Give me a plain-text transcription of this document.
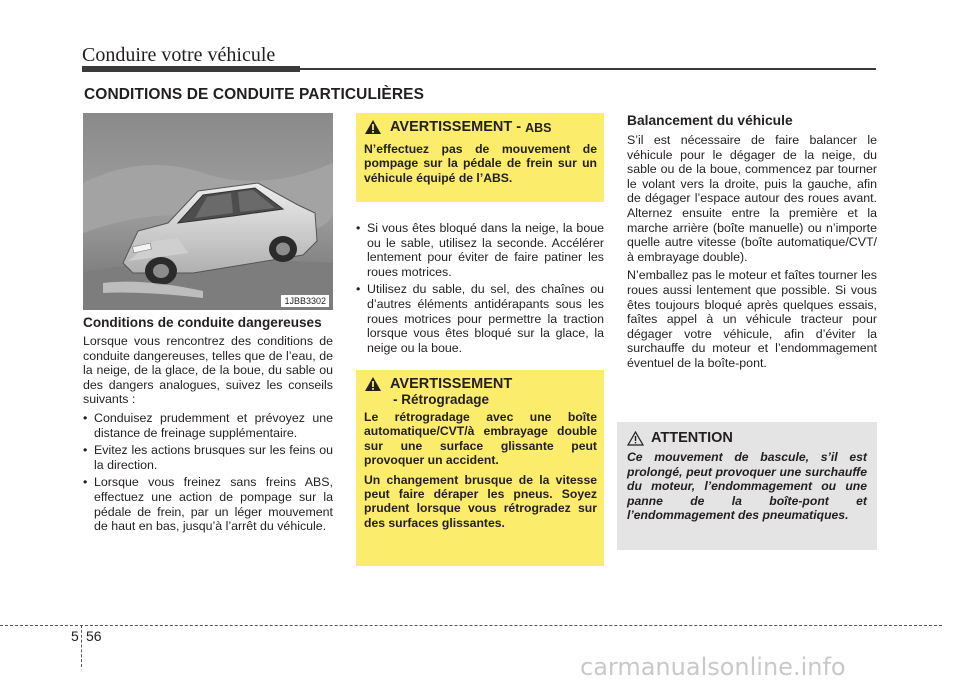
Conduire votre véhicule
CONDITIONS DE CONDUITE PARTICULIÈRES
1JBB3302

Conditions de conduite dangereuses

Lorsque vous rencontrez des conditions de conduite dangereuses, telles que de l’eau, de la neige, de la glace, de la boue, du sable ou des dangers analogues, suivez les conseils suivants :

• Conduisez prudemment et prévoyez une distance de freinage supplémentaire.
• Evitez les actions brusques sur les feins ou la direction.
• Lorsque vous freinez sans freins ABS, effectuez une action de pompage sur la pédale de frein, par un léger mouvement de haut en bas, jusqu’à l’arrêt du véhicule.
AVERTISSEMENT -
ABS
N’effectuez pas de mouvement de pompage sur la pédale de frein sur un véhicule équipé de l’ABS.
• Si vous êtes bloqué dans la neige, la boue ou le sable, utilisez la seconde. Accélérer lentement pour éviter de faire patiner les roues motrices.
• Utilisez du sable, du sel, des chaînes ou d’autres éléments antidérapants sous les roues motrices pour permettre la traction lorsque vous êtes bloqué sur la glace, la neige ou la boue.
AVERTISSEMENT
- Rétrogradage

Le rétrogradage avec une boîte automatique/CVT/à embrayage double sur une surface glissante peut provoquer un accident.

Un changement brusque de la vitesse peut faire déraper les pneus. Soyez prudent lorsque vous rétrogradez sur des surfaces glissantes.

Balancement du véhicule

S’il est nécessaire de faire balancer le véhicule pour le dégager de la neige, du sable ou de la boue, commencez par tourner le volant vers la droite, puis la gauche, afin de dégager l’espace autour des roues avant. Alternez ensuite entre la première et la marche arrière (boîte manuelle) ou n’importe quelle autre vitesse (boîte automatique/CVT/à embrayage double).

N’emballez pas le moteur et faîtes tourner les roues aussi lentement que possible. Si vous êtes toujours bloqué après quelques essais, faîtes appel à un véhicule tracteur pour dégager votre véhicule, afin d’éviter la surchauffe du moteur et l’endommagement éventuel de la boîte-pont.

ATTENTION
Ce mouvement de bascule, s’il est prolongé, peut provoquer une surchauffe du moteur, l’endommagement ou une panne de la boîte-pont et l’endommagement des pneumatiques.
5 56
carmanualsonline.info
